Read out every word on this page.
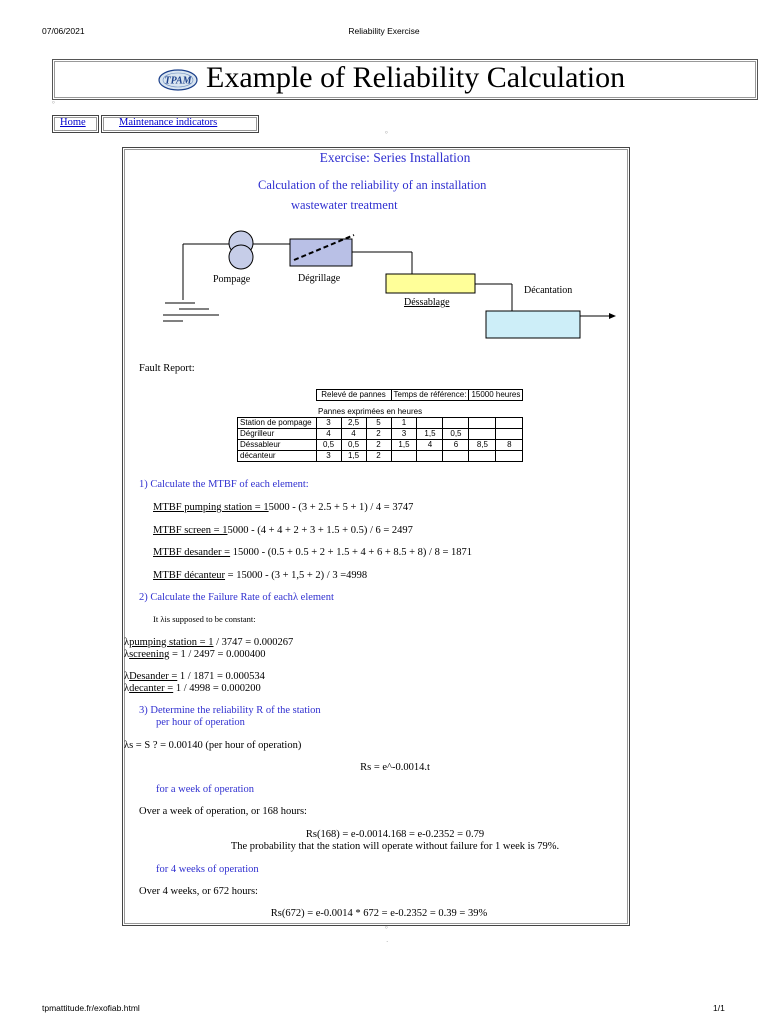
07/06/2021	Reliability Exercise
TPAM Example of Reliability Calculation
°
Home	Maintenance indicators
°
Exercise: Series Installation
Calculation of the reliability of an installation
wastewater treatment
Pompage	Dégrillage
Déssablage
Décantation
Fault Report:
	Relevé de pannes			Temps de référence:			15000 heures	

	Pannes exprimées en heures							
Station de pompage	3	2,5	5	1				
Dégrilleur	4	4	2	3	1,5	0,5		
Déssableur	0,5	0,5	2	1,5	4	6	8,5	8
décanteur	3	1,5	2					
1) Calculate the MTBF of each element:
MTBF pumping station = 15000 - (3 + 2.5 + 5 + 1) / 4 = 3747
MTBF screen = 15000 - (4 + 4 + 2 + 3 + 1.5 + 0.5) / 6 = 2497
MTBF desander = 15000 - (0.5 + 0.5 + 2 + 1.5 + 4 + 6 + 8.5 + 8) / 8 = 1871
MTBF décanteur = 15000 - (3 + 1,5 + 2) / 3 =4998
2) Calculate the Failure Rate of eachλ element
It λis supposed to be constant:
λpumping station = 1 / 3747 = 0.000267
λscreening = 1 / 2497 = 0.000400
λDesander = 1 / 1871 = 0.000534
λdecanter = 1 / 4998 = 0.000200
3) Determine the reliability R of the station
per hour of operation
λs = S ? = 0.00140 (per hour of operation)
Rs = e^-0.0014.t
for a week of operation
Over a week of operation, or 168 hours:
Rs(168) = e-0.0014.168 = e-0.2352 = 0.79
The probability that the station will operate without failure for 1 week is 79%.
for 4 weeks of operation
Over 4 weeks, or 672 hours:
Rs(672) = e-0.0014 * 672 = e-0.2352 = 0.39 = 39%
°
·
tpmattitude.fr/exofiab.html	1/1
